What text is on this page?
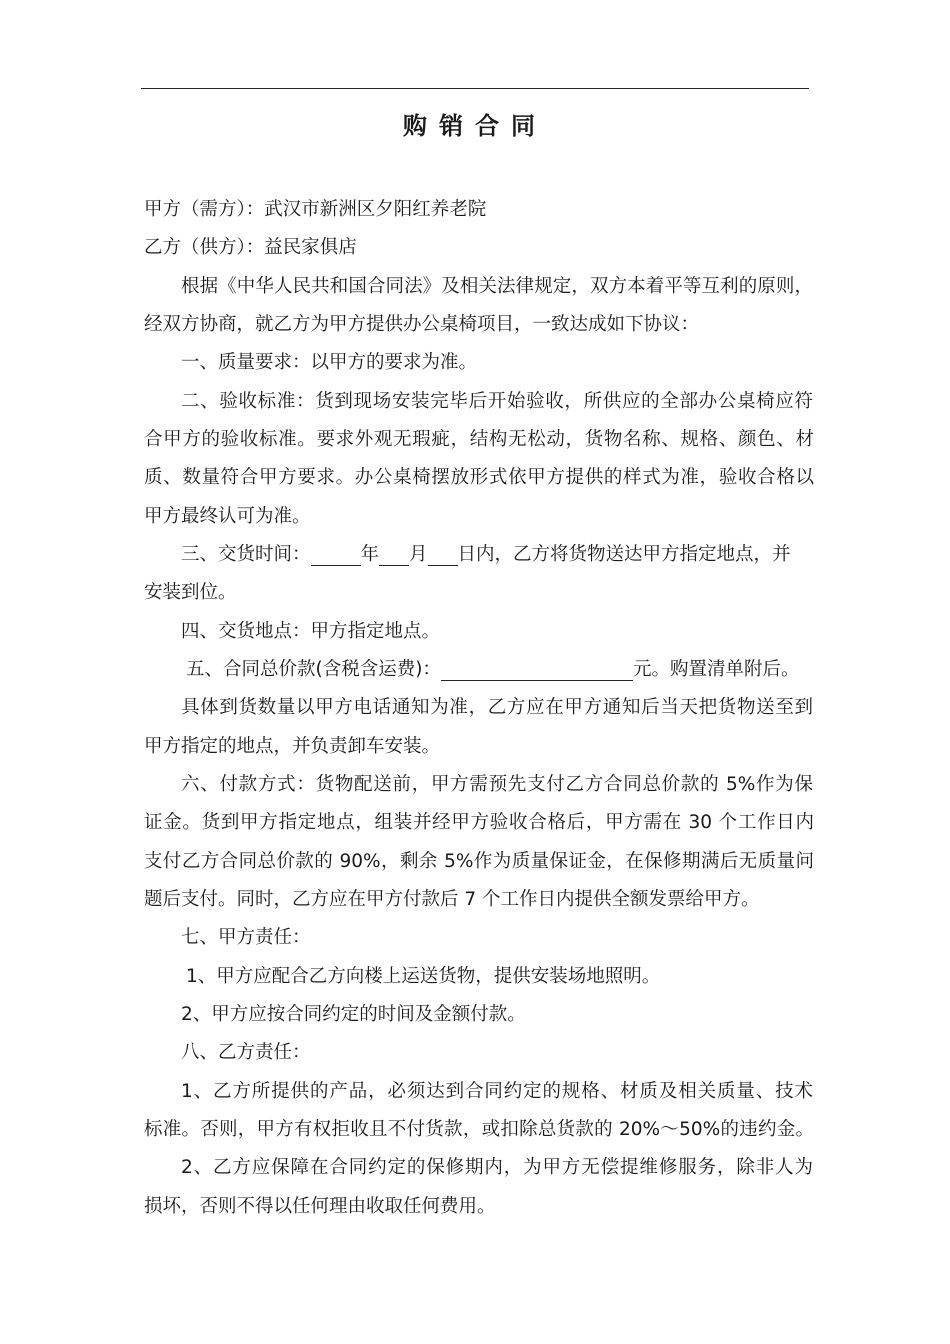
购销合同
甲方（需方）：武汉市新洲区夕阳红养老院
乙方（供方）：益民家俱店
根据《中华人民共和国合同法》及相关法律规定，双方本着平等互利的原则，
经双方协商，就乙方为甲方提供办公桌椅项目，一致达成如下协议：
一、质量要求：以甲方的要求为准。
二、验收标准：货到现场安装完毕后开始验收，所供应的全部办公桌椅应符
合甲方的验收标准。要求外观无瑕疵，结构无松动，货物名称、规格、颜色、材
质、数量符合甲方要求。办公桌椅摆放形式依甲方提供的样式为准，验收合格以
甲方最终认可为准。
三、交货时间：	年 月 日内，乙方将货物送达甲方指定地点，并
安装到位。
四、交货地点：甲方指定地点。
五、合同总价款(含税含运费)：	元。购置清单附后。
具体到货数量以甲方电话通知为准，乙方应在甲方通知后当天把货物送至到
甲方指定的地点，并负责卸车安装。
六、付款方式：货物配送前，甲方需预先支付乙方合同总价款的 5%作为保
证金。货到甲方指定地点，组装并经甲方验收合格后，甲方需在 30 个工作日内
支付乙方合同总价款的 90%，剩余 5%作为质量保证金，在保修期满后无质量问
题后支付。同时，乙方应在甲方付款后 7 个工作日内提供全额发票给甲方。
七、甲方责任：
1、甲方应配合乙方向楼上运送货物，提供安装场地照明。
2、甲方应按合同约定的时间及金额付款。
八、乙方责任：
1、乙方所提供的产品，必须达到合同约定的规格、材质及相关质量、技术
标准。否则，甲方有权拒收且不付货款，或扣除总货款的 20%～50%的违约金。
2、乙方应保障在合同约定的保修期内，为甲方无偿提维修服务，除非人为
损坏，否则不得以任何理由收取任何费用。
